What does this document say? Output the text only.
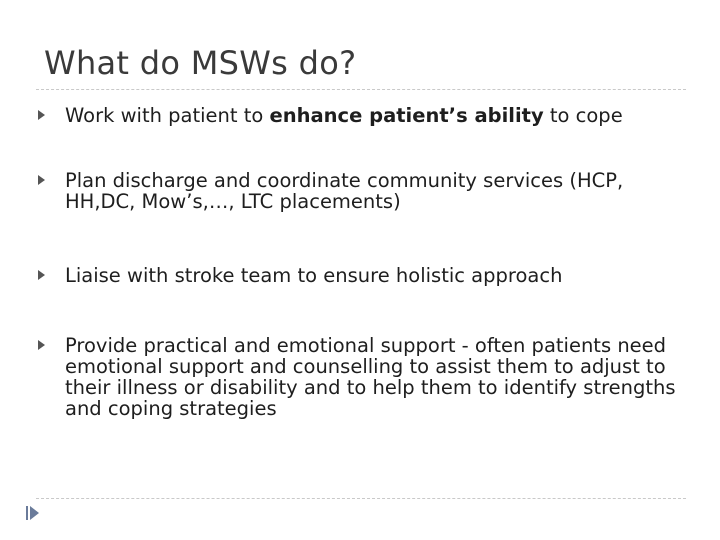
What do MSWs do?
Work with patient to enhance patient’s ability to cope
Plan discharge and coordinate community services (HCP, HH,DC, Mow’s,…, LTC placements)
Liaise with stroke team to ensure holistic approach
Provide practical and emotional support - often patients need emotional support and counselling to assist them to adjust to their illness or disability and to help them to identify strengths and coping strategies
